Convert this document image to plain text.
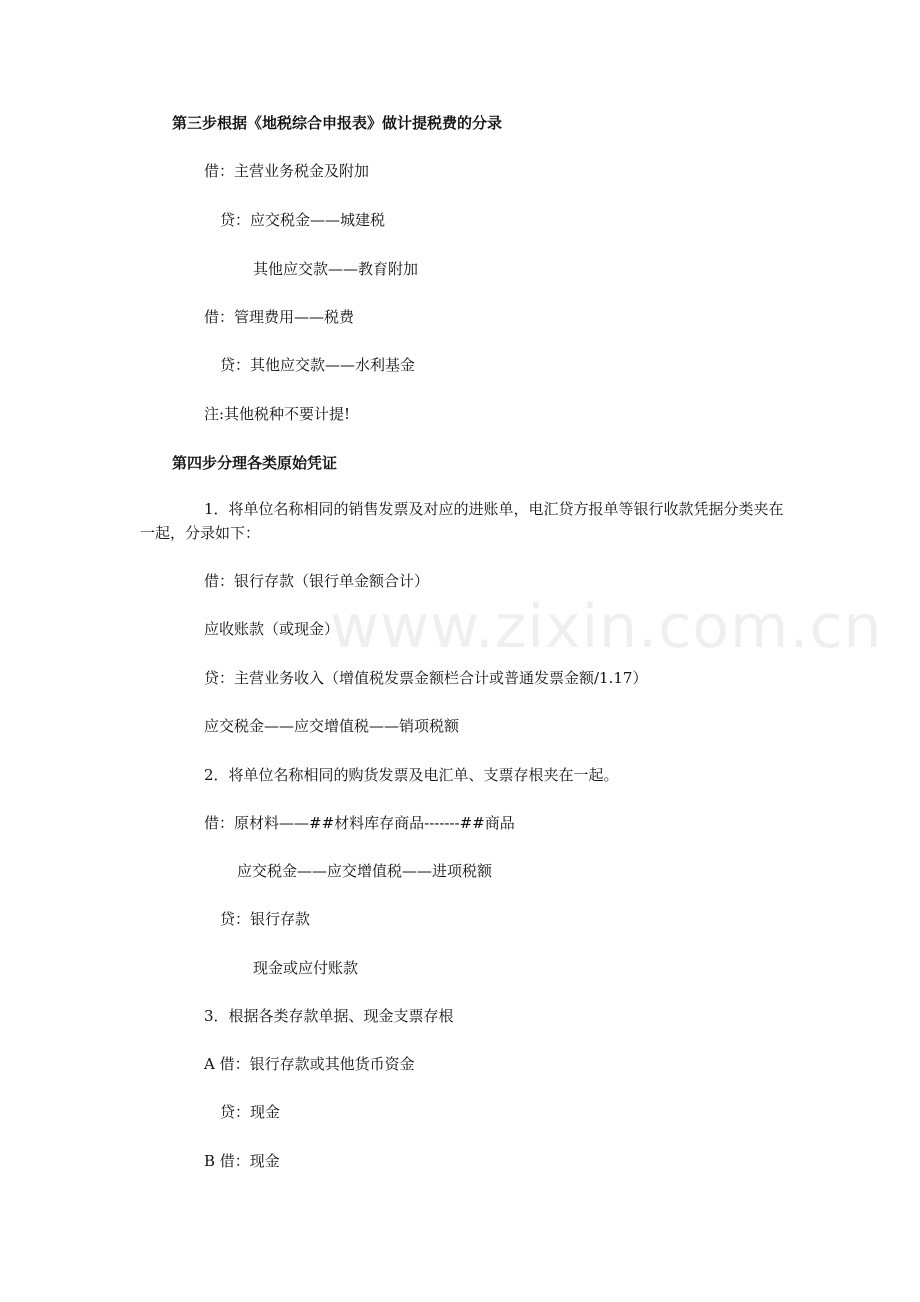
www.zixin.com.cn
第三步根据《地税综合申报表》做计提税费的分录
借：主营业务税金及附加
贷：应交税金——城建税
其他应交款——教育附加
借：管理费用——税费
贷：其他应交款——水利基金
注:其他税种不要计提!
第四步分理各类原始凭证
1．将单位名称相同的销售发票及对应的进账单，电汇贷方报单等银行收款凭据分类夹在一起，分录如下：
借：银行存款（银行单金额合计）
应收账款（或现金）
贷：主营业务收入（增值税发票金额栏合计或普通发票金额/1.17）
应交税金——应交增值税——销项税额
2．将单位名称相同的购货发票及电汇单、支票存根夹在一起。
借：原材料——##材料库存商品-------##商品
应交税金——应交增值税——进项税额
贷：银行存款
现金或应付账款
3．根据各类存款单据、现金支票存根
A 借：银行存款或其他货币资金
贷：现金
B 借：现金
